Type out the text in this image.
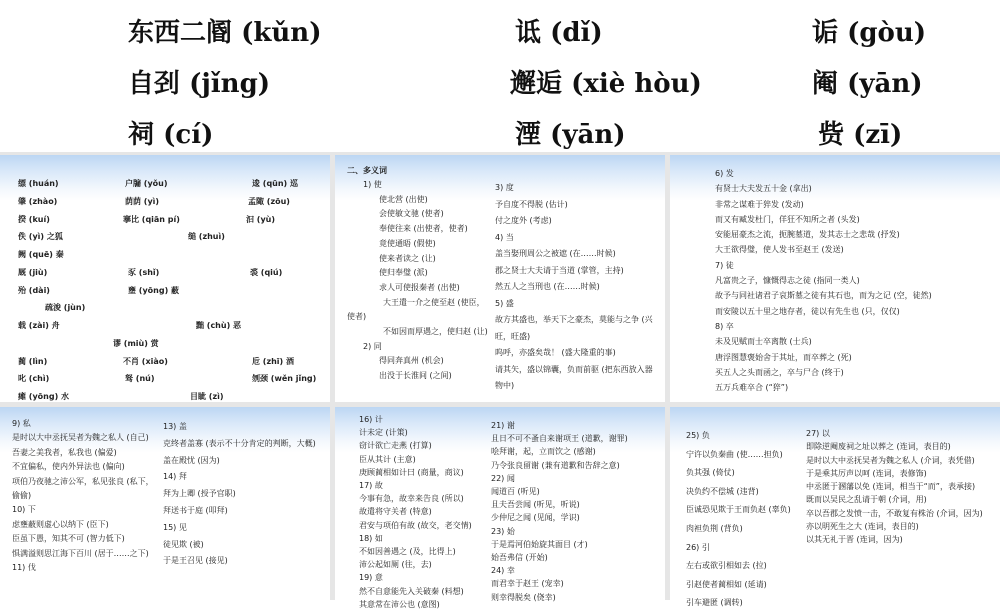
东西二阍 (kǔn)	诋 (dǐ)	诟 (gòu)
自刭 (jǐng)	邂逅 (xiè hòu)	阉 (yān)
祠 (cí)	湮 (yān)	赀 (zī)
缥 (huán)	户牖 (yǒu)	逡 (qūn) 巡
肇 (zhào)	荫荫 (yì)	孟陬 (zōu)
揆 (kuí)	搴比 (qiān pí)	汩 (yù)
佚 (yì) 之狐	缒 (zhuì)
阙 (quē) 秦
厩 (jiù)	豕 (shǐ)	裘 (qiú)
殆 (dài)	壅 (yōng) 蔽
疏浚 (jùn)
载 (zài) 舟	黜 (chù) 恶
谬 (miù) 赏
蔺 (lìn)	不肖 (xiào)	卮 (zhī) 酒
叱 (chì)	驽 (nú)	刎颈 (wěn jǐng)
瘫 (yōng) 水	目眦 (zì)
二、多义词
1) 使
使北营 (出使)
会使敏文驰 (使者)
奉使往来 (出使者，使者)
竟使通晤 (假使)
使来者读之 (让)
使归奉璧 (派)
求人可使报秦者 (出使)
大王遣一介之使至赵 (使臣，使者)
不如因而厚遇之，使归赵 (让)
2) 同
得同奔真州 (机会)
出没于长淮间 (之间)
3) 度
予自度不得脱 (估计)
付之度外 (考虑)
4) 当
盖当娶刑周公之被遮 (在……时候)
郡之贤士大夫请于当道 (掌管，主持)
然五人之当刑也 (在……时候)
5) 盛
故方其盛也，举天下之豪杰，莫能与之争 (兴旺，旺盛)
呜呼，亦盛矣哉！ (盛大隆重的事)
请其矢，盛以锦囊，负而前驱 (把东西放入器物中)
6) 发
有贤士大夫发五十金 (拿出)
非常之谋难于猝发 (发动)
而又有臧发杜门，佯狂不知所之者 (头发)
安能屈豪杰之流，扼腕墓道，发其志士之悲哉 (抒发)
大王欲得璧，使人发书至赵王 (发送)
7) 徒
凡富贵之子，慷慨得志之徒 (指同一类人)
故予与同社诸君子哀斯墓之徒有其石也，而为之记 (空，徒然)
而安陵以五十里之地存者，徒以有先生也 (只，仅仅)
8) 卒
未及见赋而士卒离散 (士兵)
唐浮图慧褒始舍于其址，而卒葬之 (死)
买五人之头而函之，卒与尸合 (终于)
五万兵难卒合 (“猝”)
9) 私
是时以大中丞抚吴者为魏之私人 (自己)
吾妻之美我者，私我也 (偏爱)
不宜偏私，使内外异法也 (偏向)
项伯乃夜驰之沛公军，私见张良 (私下，偷偷)
10) 下
虑壅蔽则虚心以纳下 (臣下)
臣虽下愚，知其不可 (智力低下)
惧满溢则思江海下百川 (居于……之下)
11) 伐
13) 盖
克终者盖寡 (表示不十分肯定的判断，大概)
盖在殿忧 (因为)
14) 拜
拜为上卿 (授予官职)
拜送书于庭 (叩拜)
15) 见
徒见欺 (被)
于是王召见 (接见)
16) 计
计未定 (计策)
窃计欲亡走燕 (打算)
臣从其计 (主意)
庚顾蔺相如计曰 (商量，商议)
17) 故
今事有急，故幸来告良 (所以)
故遣将守关者 (特意)
君安与项伯有故 (故交，老交情)
18) 如
不如因善遇之 (及，比得上)
沛公起如厕 (往，去)
19) 意
然不自意能先入关破秦 (料想)
其意常在沛公也 (意图)
21) 谢
且日不可不蚤自来谢项王 (道歉，谢罪)
哙拜谢，起，立而饮之 (感谢)
乃令张良留谢 (兼有道歉和告辞之意)
22) 闻
闻道百 (听见)
且夫吾尝闻 (听见，听说)
少仲尼之闻 (见闻，学识)
23) 始
于是焉河伯始旋其面目 (才)
始吾弗信 (开始)
24) 幸
而君幸于赵王 (宠幸)
则幸得脱矣 (侥幸)
25) 负
宁许以负秦曲 (使……担负)
负其强 (倚仗)
决负约不偿城 (违背)
臣诚恐见欺于王而负赵 (辜负)
肉袒负荆 (背负)
26) 引
左右或欲引相如去 (拉)
引赵使者蔺相如 (延请)
引车避匿 (调转)
27) 以
即除逆阉废祠之址以葬之 (连词，表目的)
是时以大中丞抚吴者为魏之私人 (介词，表凭借)
于是乘其厉声以呵 (连词，表修饰)
中丞匿于溷藩以免 (连词，相当于“而”，表承接)
既而以吴民之乱请于朝 (介词，用)
卒以吾郡之发愤一击，不敢复有株治 (介词，因为)
亦以明死生之大 (连词，表目的)
以其无礼于晋 (连词，因为)
